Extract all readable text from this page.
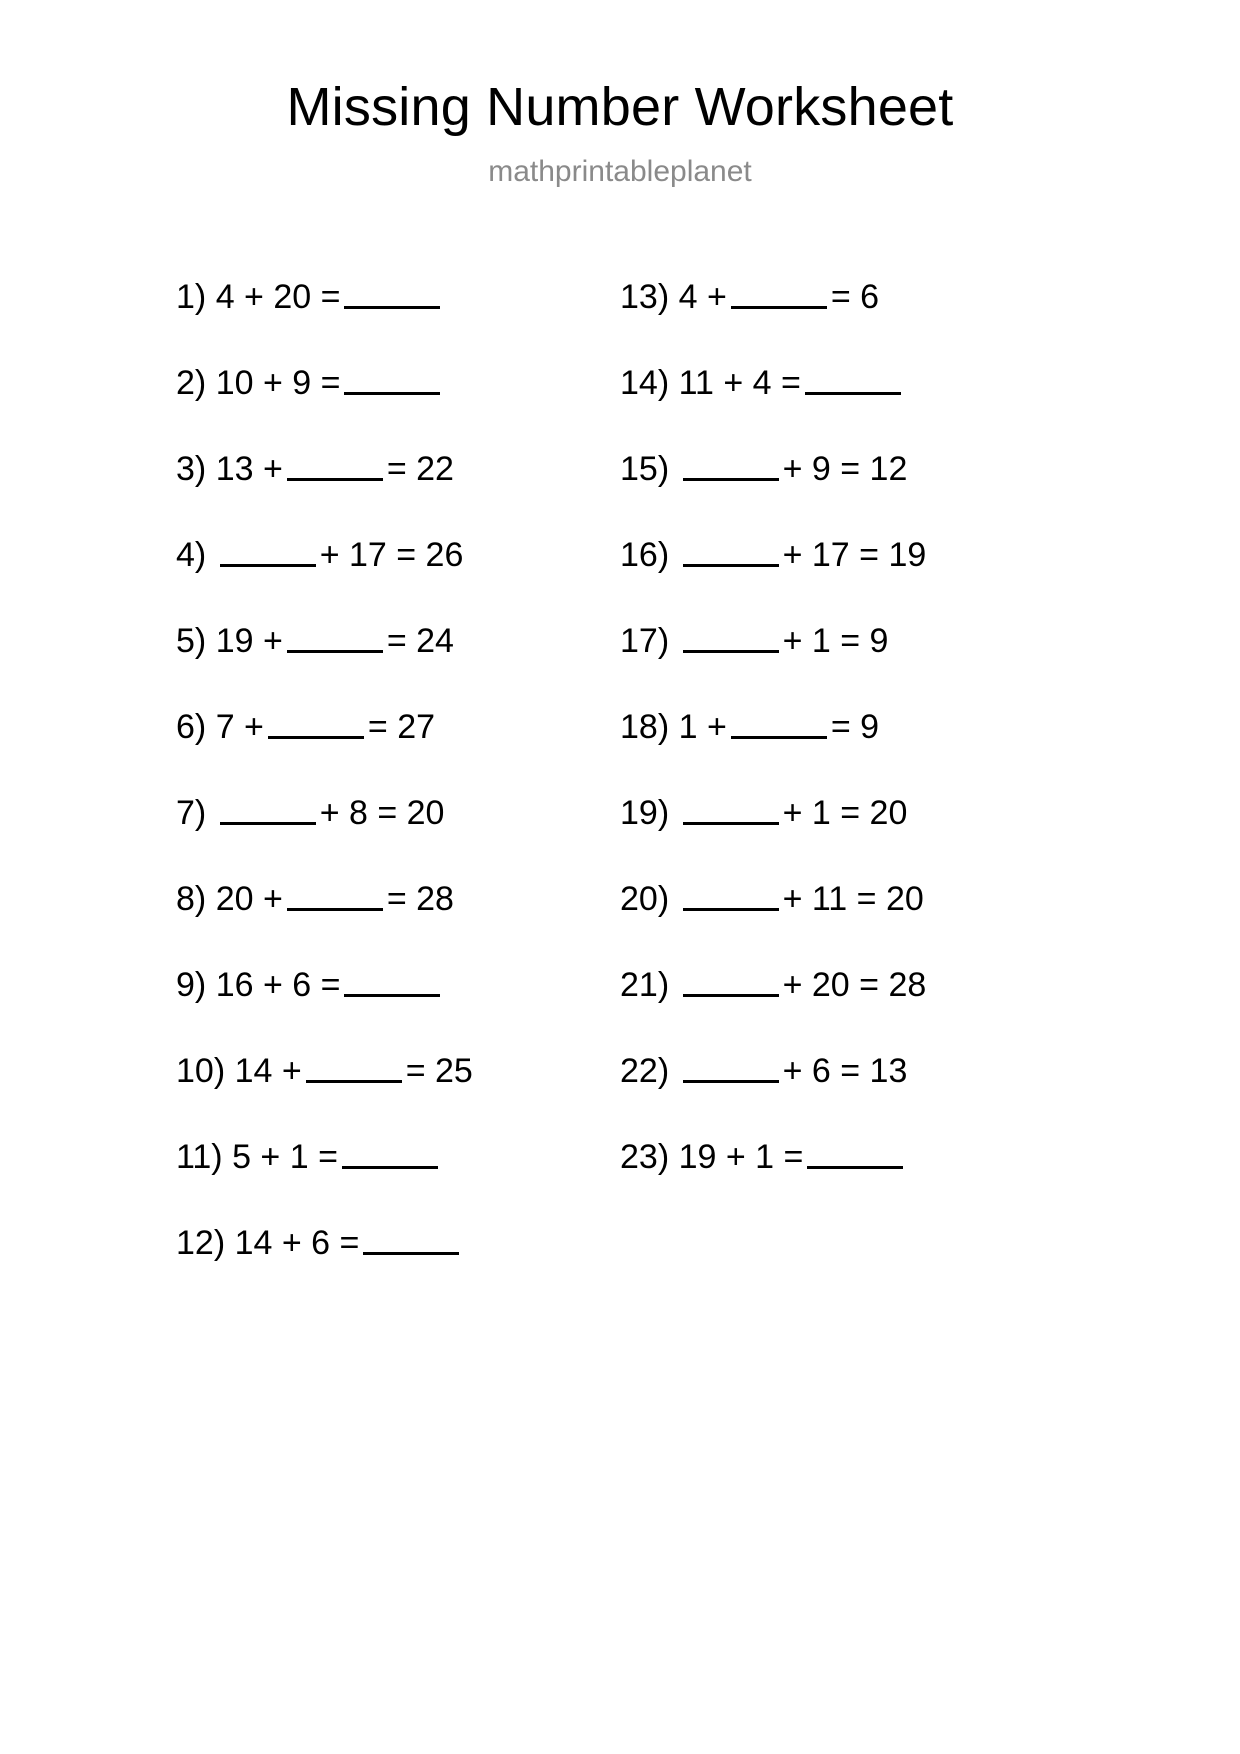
Missing Number Worksheet
mathprintableplanet
1)
4 + 20 =
2)
10 + 9 =
3)
13 +	= 22
4)
	+ 17 = 26
5)
19 +	= 24
6)
7 +	= 27
7)
	+ 8 = 20
8)
20 +	= 28
9)
16 + 6 =
10)
14 +	= 25
11)
5 + 1 =
12)
14 + 6 =
13)
4 +	= 6
14)
11 + 4 =
15)
	+ 9 = 12
16)
	+ 17 = 19
17)
	+ 1 = 9
18)
1 +	= 9
19)
	+ 1 = 20
20)
	+ 11 = 20
21)
	+ 20 = 28
22)
	+ 6 = 13
23)
19 + 1 =
